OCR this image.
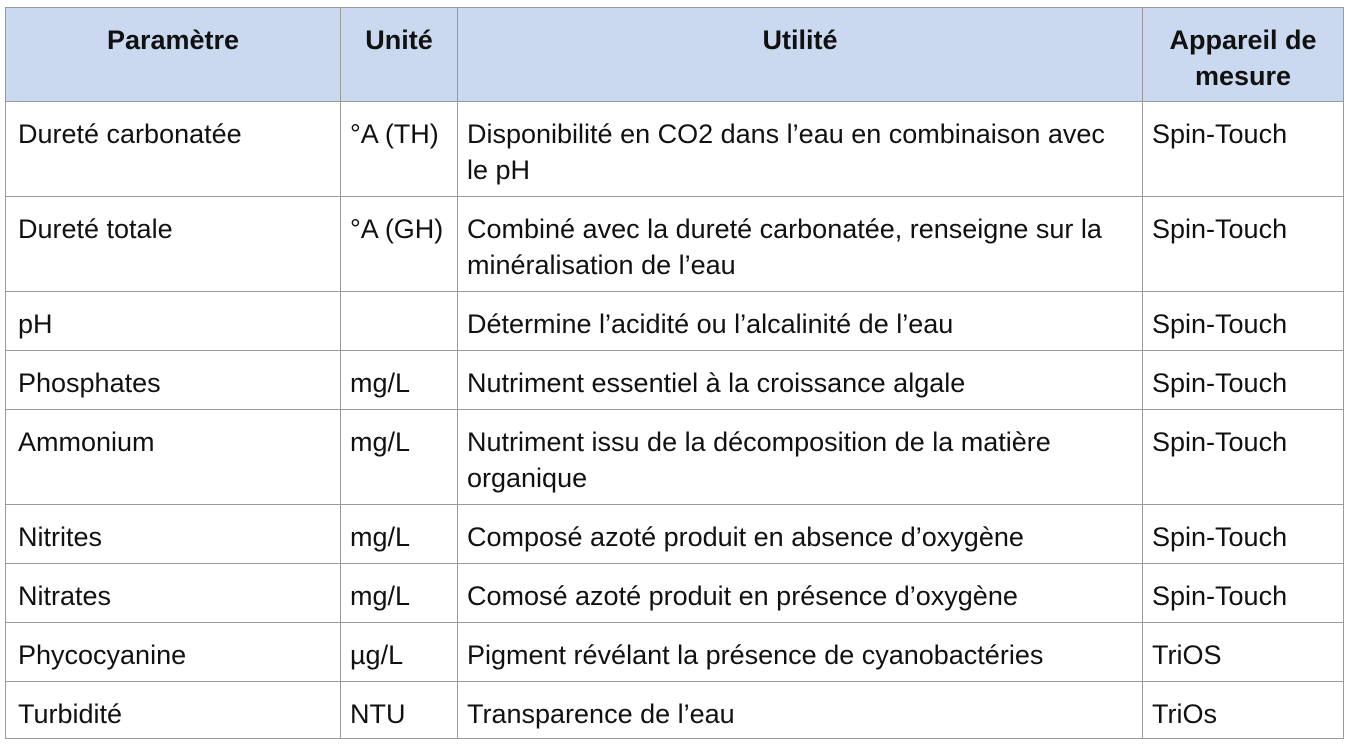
Paramètre	Unité	Utilité	Appareil de mesure
Dureté carbonatée	°A (TH)	Disponibilité en CO2 dans l’eau en combinaison avec le pH	Spin-Touch
Dureté totale	°A (GH)	Combiné avec la dureté carbonatée, renseigne sur la minéralisation de l’eau	Spin-Touch
pH		Détermine l’acidité ou l’alcalinité de l’eau	Spin-Touch
Phosphates	mg/L	Nutriment essentiel à la croissance algale	Spin-Touch
Ammonium	mg/L	Nutriment issu de la décomposition de la matière organique	Spin-Touch
Nitrites	mg/L	Composé azoté produit en absence d’oxygène	Spin-Touch
Nitrates	mg/L	Comosé azoté produit en présence d’oxygène	Spin-Touch
Phycocyanine	µg/L	Pigment révélant la présence de cyanobactéries	TriOS
Turbidité	NTU	Transparence de l’eau	TriOs
